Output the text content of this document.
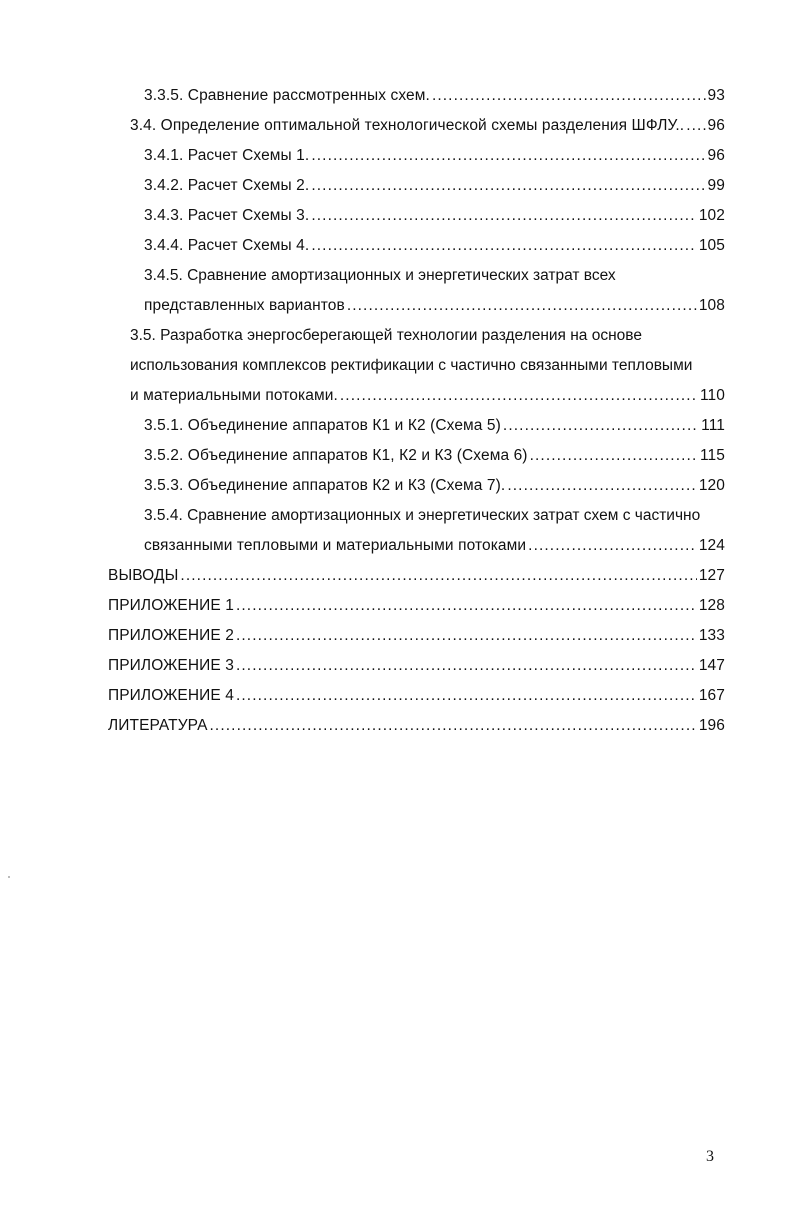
3.3.5. Сравнение рассмотренных схем. . . .	93
3.4. Определение оптимальной технологической схемы разделения ШФЛУ.. . . . 96
3.4.1. Расчет Схемы 1. . . .	96
3.4.2. Расчет Схемы 2. . . .	99
3.4.3. Расчет Схемы 3. . . .	102
3.4.4. Расчет Схемы 4. . . .	105
3.4.5. Сравнение амортизационных и энергетических затрат всех
представленных вариантов . . .	108
3.5. Разработка энергосберегающей технологии разделения на основе
использования комплексов ректификации с частично связанными тепловыми
и материальными потоками. . . .	110
3.5.1. Объединение аппаратов К1 и К2 (Схема 5) . . .	111
3.5.2. Объединение аппаратов К1, К2 и К3 (Схема 6) . . .	115
3.5.3. Объединение аппаратов К2 и К3 (Схема 7). . . .	120
3.5.4. Сравнение амортизационных и энергетических затрат схем с частично
связанными тепловыми и материальными потоками . . .	124
ВЫВОДЫ . . .	127
ПРИЛОЖЕНИЕ 1 . . .	128
ПРИЛОЖЕНИЕ 2 . . .	133
ПРИЛОЖЕНИЕ 3 . . .	147
ПРИЛОЖЕНИЕ 4 . . .	167
ЛИТЕРАТУРА . . .	196
3
